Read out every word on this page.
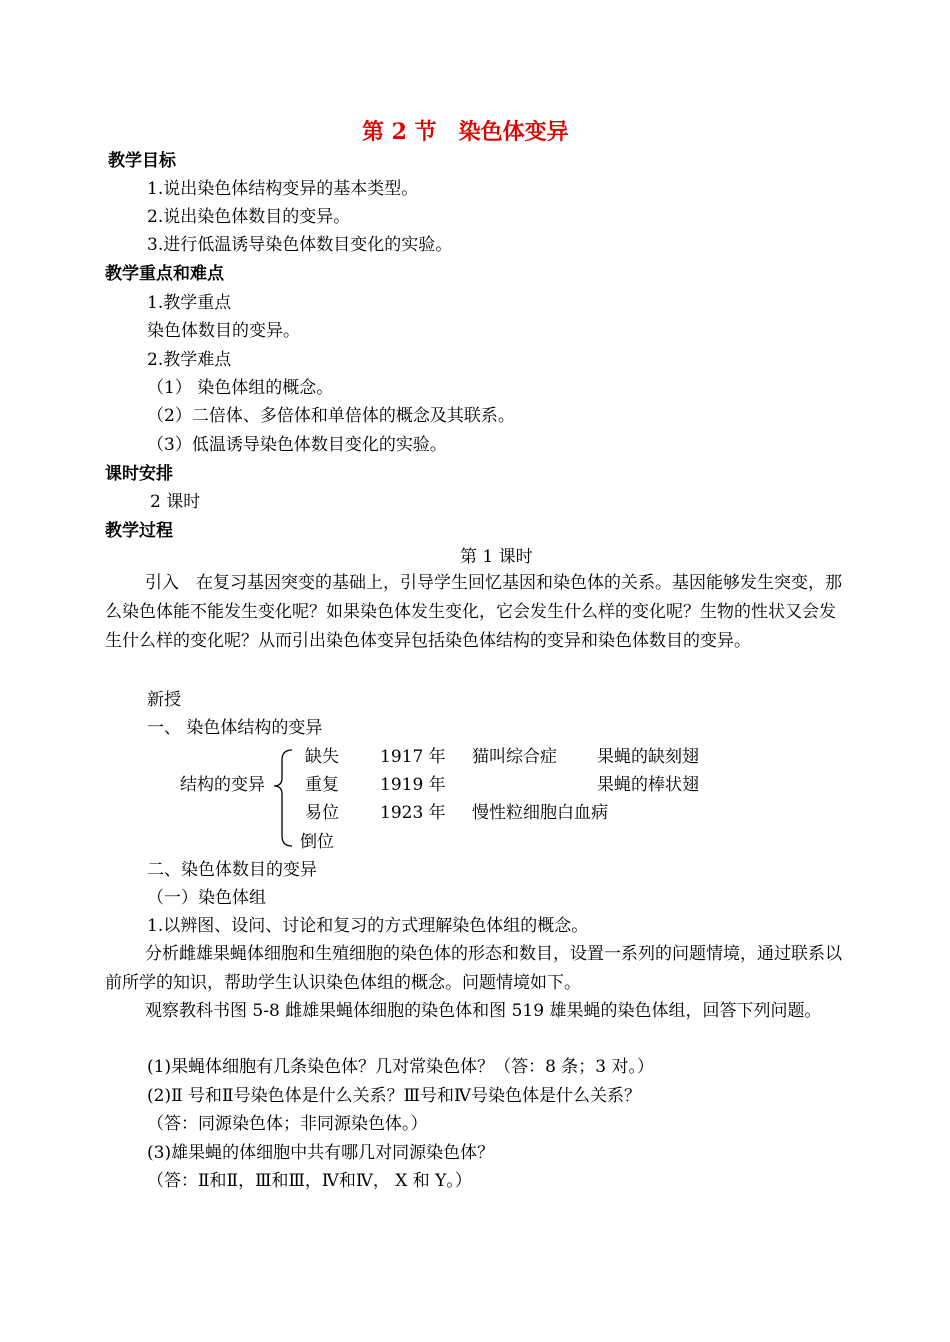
第 2 节　染色体变异
教学目标
1.说出染色体结构变异的基本类型。
2.说出染色体数目的变异。
3.进行低温诱导染色体数目变化的实验。
教学重点和难点
1.教学重点
染色体数目的变异。
2.教学难点
（1） 染色体组的概念。
（2）二倍体、多倍体和单倍体的概念及其联系。
（3）低温诱导染色体数目变化的实验。
课时安排
2 课时
教学过程
第 1 课时
引入　在复习基因突变的基础上，引导学生回忆基因和染色体的关系。基因能够发生突变，那么染色体能不能发生变化呢？如果染色体发生变化，它会发生什么样的变化呢？生物的性状又会发生什么样的变化呢？从而引出染色体变异包括染色体结构的变异和染色体数目的变异。
新授
一、 染色体结构的变异
结构的变异
缺失 1917 年 猫叫综合症 果蝇的缺刻翅
重复 1919 年	果蝇的棒状翅
易位 1923 年 慢性粒细胞白血病
倒位
二、染色体数目的变异
（一）染色体组
1.以辨图、设问、讨论和复习的方式理解染色体组的概念。
分析雌雄果蝇体细胞和生殖细胞的染色体的形态和数目，设置一系列的问题情境，通过联系以前所学的知识，帮助学生认识染色体组的概念。问题情境如下。
观察教科书图 5-8 雌雄果蝇体细胞的染色体和图 519 雄果蝇的染色体组，回答下列问题。
(1)果蝇体细胞有几条染色体？几对常染色体？（答：8 条；3 对。）
(2)Ⅱ 号和Ⅱ号染色体是什么关系？Ⅲ号和Ⅳ号染色体是什么关系？
（答：同源染色体；非同源染色体。）
(3)雄果蝇的体细胞中共有哪几对同源染色体？
（答：Ⅱ和Ⅱ，Ⅲ和Ⅲ，Ⅳ和Ⅳ， X 和 Y。）
